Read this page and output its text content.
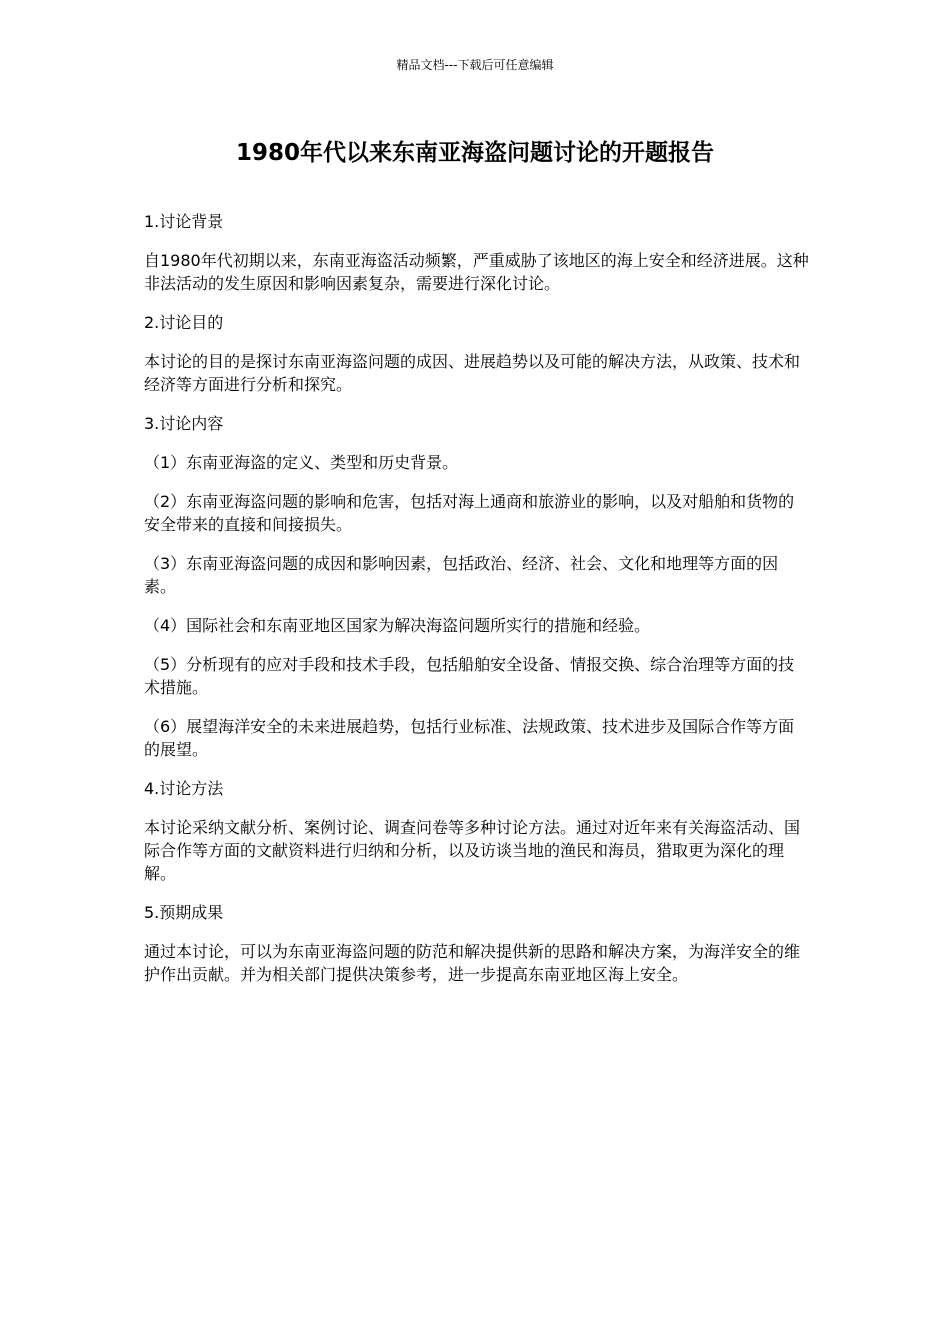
精品文档---下载后可任意编辑
1980年代以来东南亚海盗问题讨论的开题报告

1.讨论背景

自1980年代初期以来，东南亚海盗活动频繁，严重威胁了该地区的海上安全和经济进展。这种非法活动的发生原因和影响因素复杂，需要进行深化讨论。

2.讨论目的

本讨论的目的是探讨东南亚海盗问题的成因、进展趋势以及可能的解决方法，从政策、技术和经济等方面进行分析和探究。

3.讨论内容

（1）东南亚海盗的定义、类型和历史背景。

（2）东南亚海盗问题的影响和危害，包括对海上通商和旅游业的影响，以及对船舶和货物的安全带来的直接和间接损失。

（3）东南亚海盗问题的成因和影响因素，包括政治、经济、社会、文化和地理等方面的因素。

（4）国际社会和东南亚地区国家为解决海盗问题所实行的措施和经验。

（5）分析现有的应对手段和技术手段，包括船舶安全设备、情报交换、综合治理等方面的技术措施。

（6）展望海洋安全的未来进展趋势，包括行业标准、法规政策、技术进步及国际合作等方面的展望。

4.讨论方法

本讨论采纳文献分析、案例讨论、调查问卷等多种讨论方法。通过对近年来有关海盗活动、国际合作等方面的文献资料进行归纳和分析，以及访谈当地的渔民和海员，猎取更为深化的理解。

5.预期成果

通过本讨论，可以为东南亚海盗问题的防范和解决提供新的思路和解决方案，为海洋安全的维护作出贡献。并为相关部门提供决策参考，进一步提高东南亚地区海上安全。
